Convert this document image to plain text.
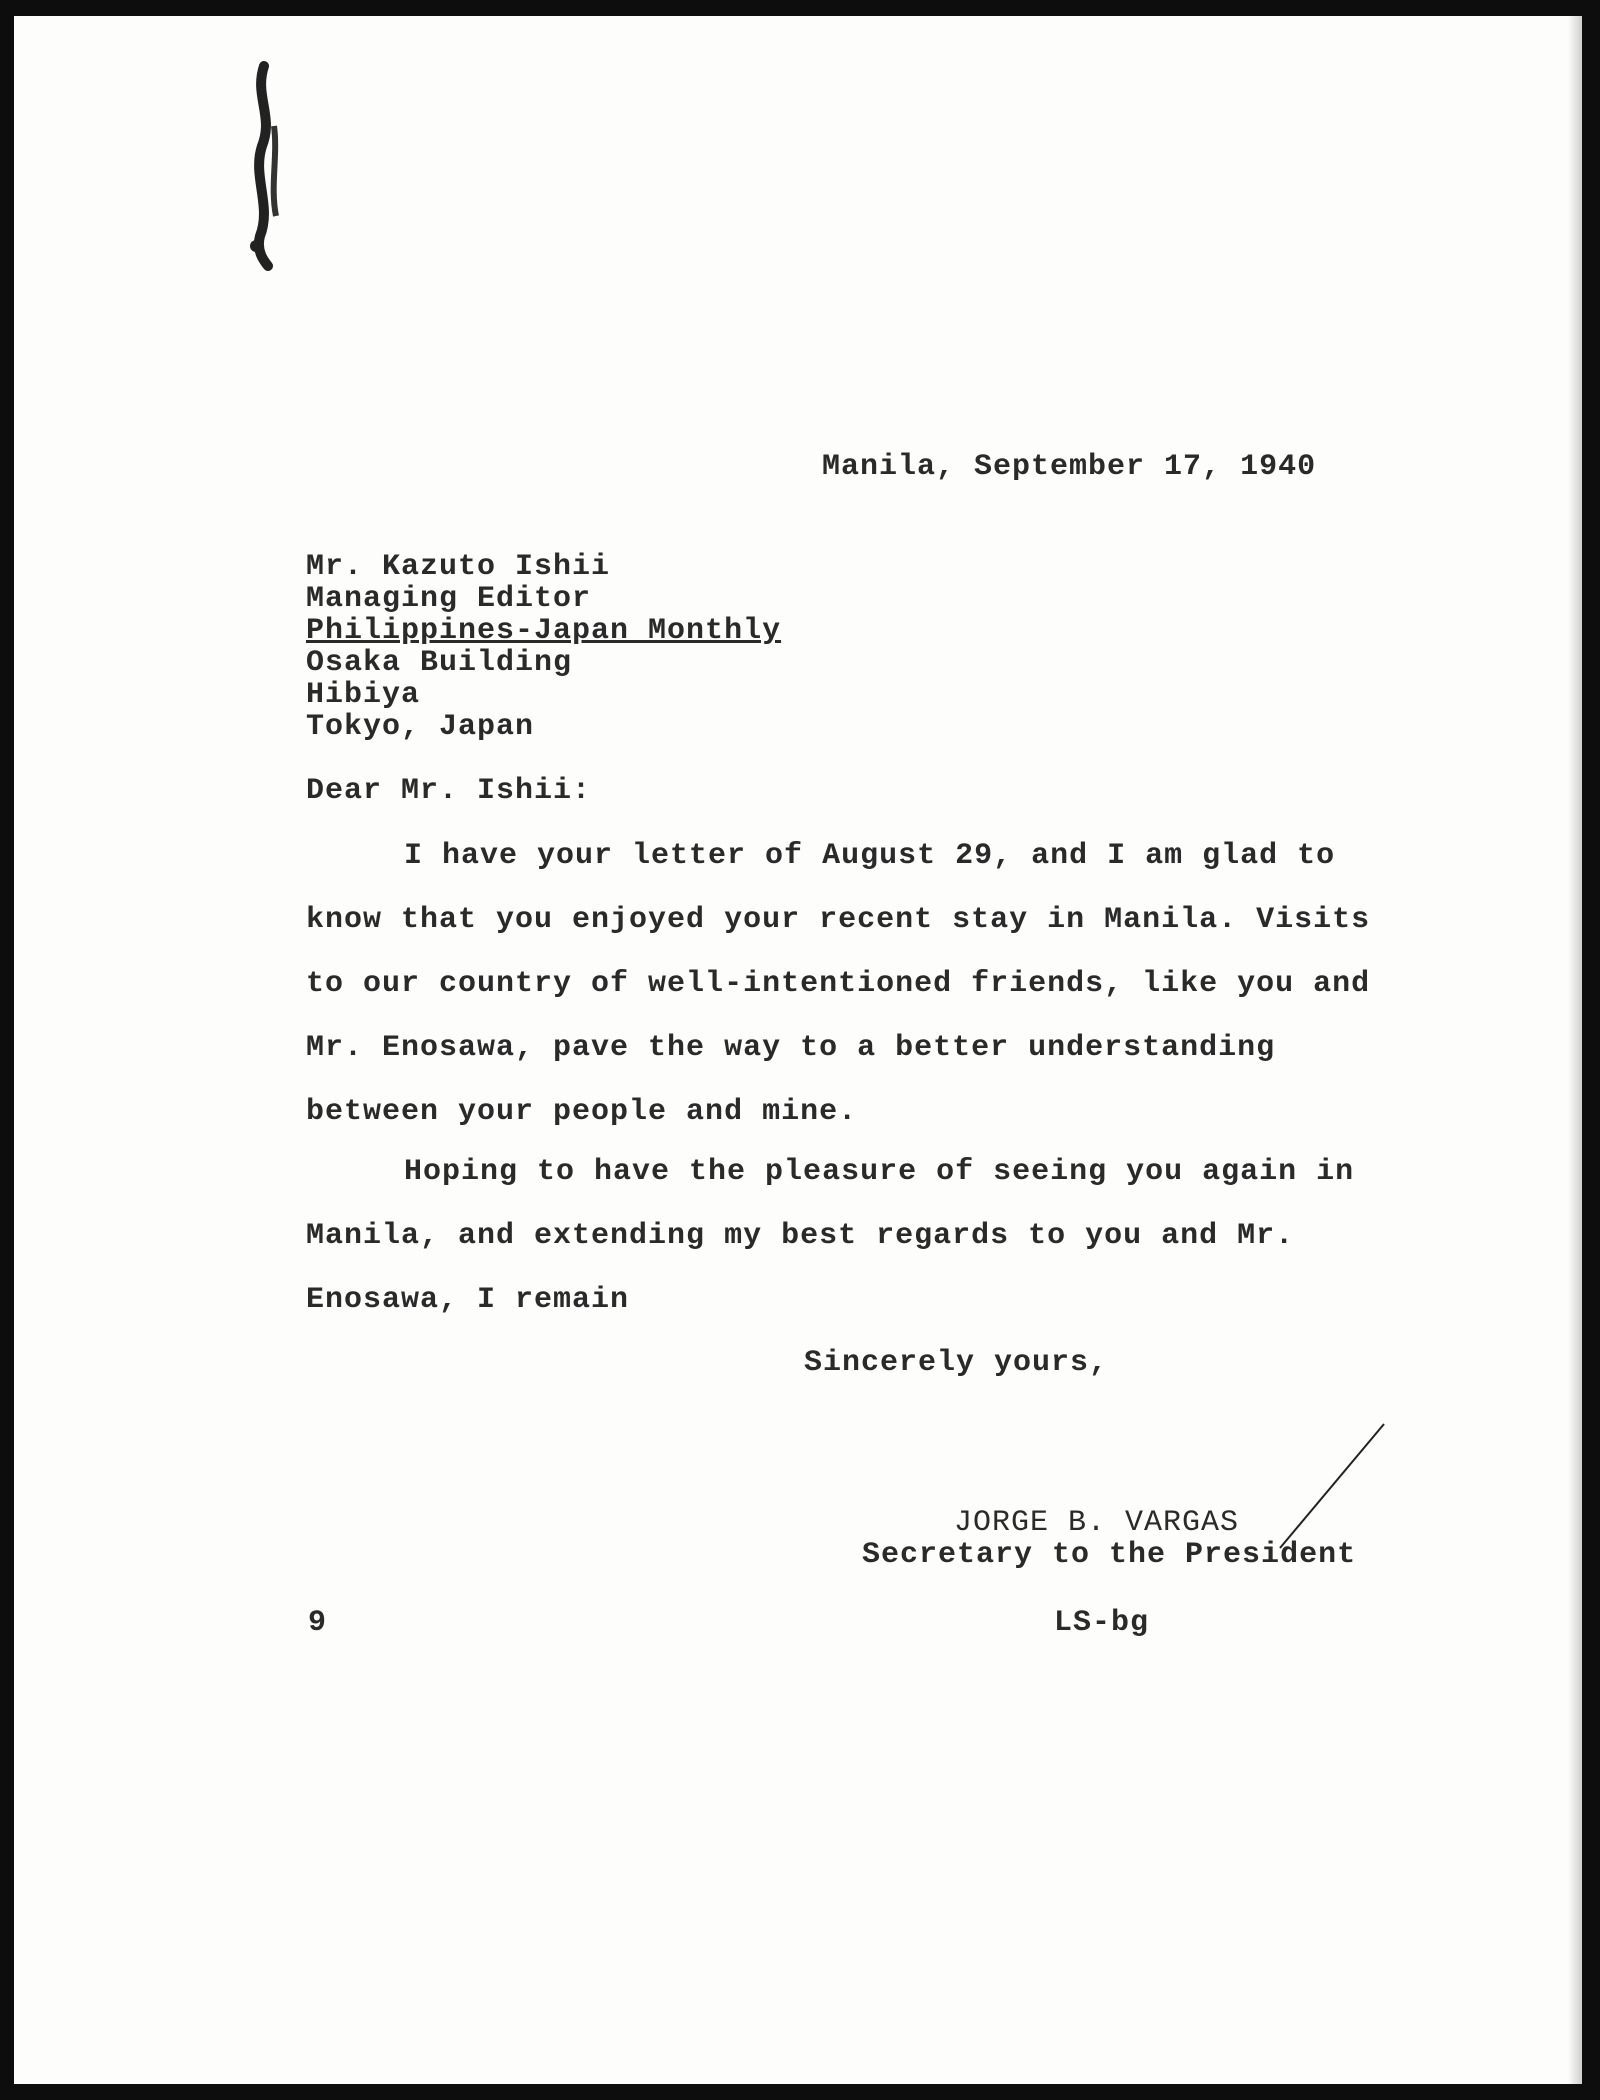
Manila, September 17, 1940
Mr. Kazuto Ishii
Managing Editor
Philippines-Japan Monthly
Osaka Building
Hibiya
Tokyo, Japan
Dear Mr. Ishii:
I have your letter of August 29, and I am glad to know that you enjoyed your recent stay in Manila. Visits to our country of well-intentioned friends, like you and Mr. Enosawa, pave the way to a better understanding between your people and mine.
Hoping to have the pleasure of seeing you again in Manila, and extending my best regards to you and Mr. Enosawa, I remain
Sincerely yours,
JORGE B. VARGAS
Secretary to the President
9	LS-bg
